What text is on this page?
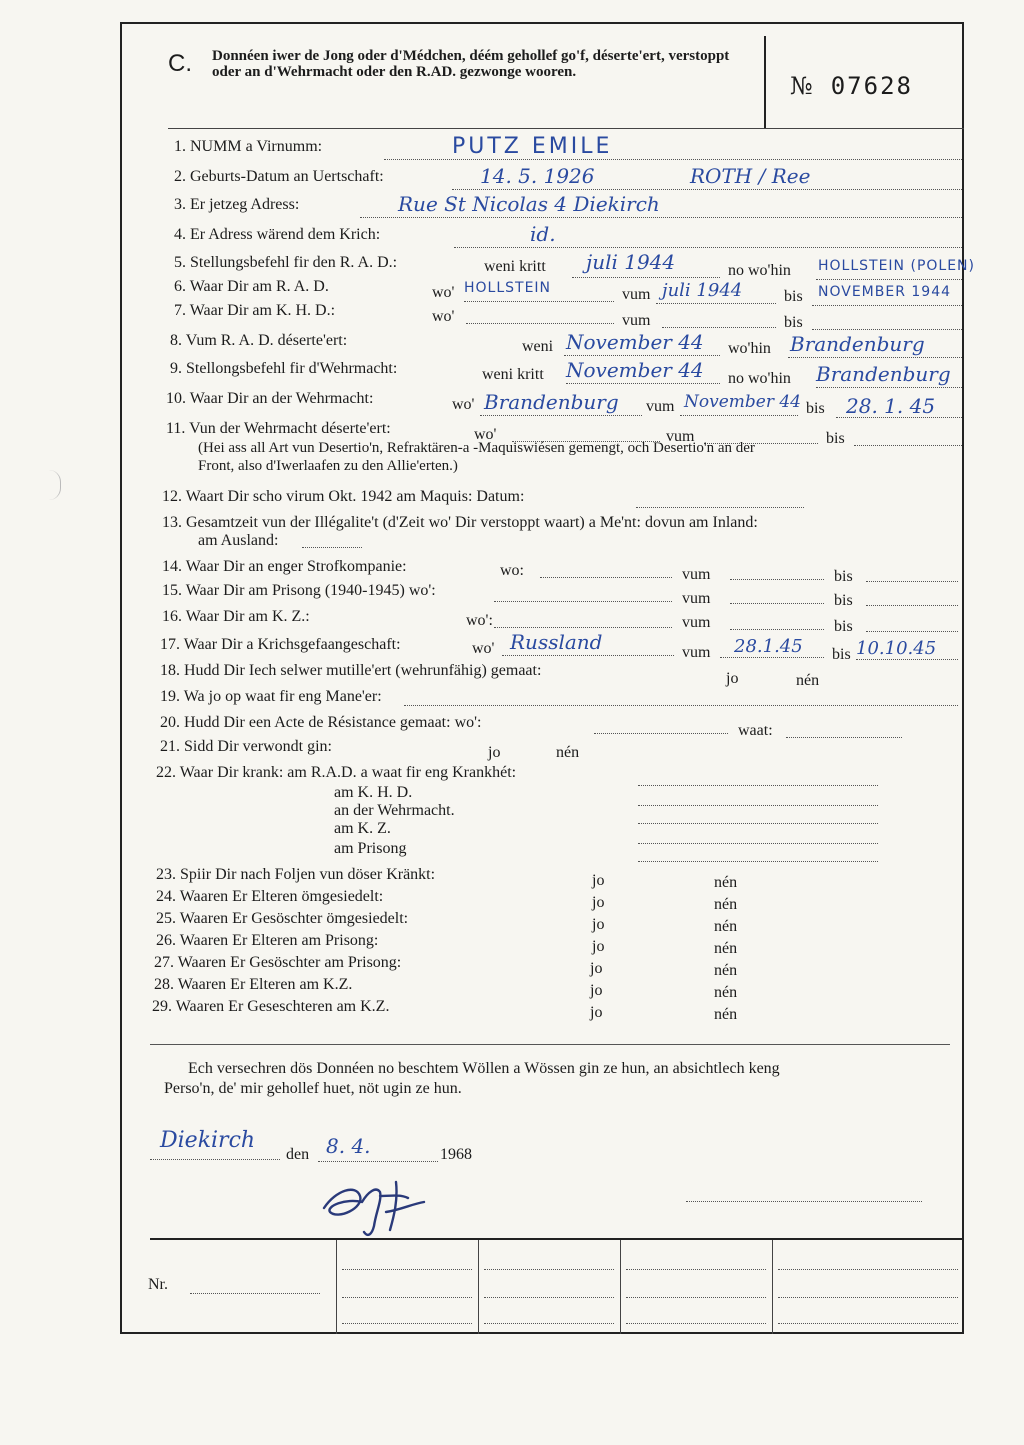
C. Donnéen iwer de Jong oder d'Médchen, déém gehollef go'f, déserte'ert, verstoppt oder an d'Wehrmacht oder den R.AD. gezwonge wooren.	№ 07628
1. NUMM a Virnumm:	PUTZ EMILE
2. Geburts-Datum an Uertschaft:	14. 5. 1926	ROTH / Ree
3. Er jetzeg Adress:	Rue St Nicolas 4 Diekirch
4. Er Adress wärend dem Krich:	id.
5. Stellungsbefehl fir den R. A. D.:	weni kritt juli 1944	no wo'hin HOLLSTEIN (POLEN)
6. Waar Dir am R. A. D.	wo' HOLLSTEIN	vum juli 1944	bis NOVEMBER 1944
7. Waar Dir am K. H. D.:	wo'	vum	bis
8. Vum R. A. D. déserte'ert:	weni November 44 wo'hin Brandenburg
9. Stellongsbefehl fir d'Wehrmacht:	weni kritt November 44 no wo'hin Brandenburg
10. Waar Dir an der Wehrmacht:	wo' Brandenburg vum November 44 bis 28. 1. 45
11. Vun der Wehrmacht déserte'ert:	wo'	vum	bis
(Hei ass all Art vun Desertio'n, Refraktären-a -Maquiswiésen gemengt, och Desertio'n an der
Front, also d'Iwerlaafen zu den Allie'erten.)
12. Waart Dir scho virum Okt. 1942 am Maquis: Datum:
13. Gesamtzeit vun der Illégalite't (d'Zeit wo' Dir verstoppt waart) a Me'nt: dovun am Inland:
am Ausland:
14. Waar Dir an enger Strofkompanie:	wo:	vum	bis
15. Waar Dir am Prisong (1940-1945) wo':	vum	bis
16. Waar Dir am K. Z.:	wo':	vum	bis
17. Waar Dir a Krichsgefaangeschaft:	wo' Russland	vum 28.1.45 bis 10.10.45
18. Hudd Dir Iech selwer mutille'ert (wehrunfähig) gemaat:	jo	nén
19. Wa jo op waat fir eng Mane'er:
20. Hudd Dir een Acte de Résistance gemaat: wo':	waat:
21. Sidd Dir verwondt gin:	jo	nén
22. Waar Dir krank: am R.A.D. a waat fir eng Krankhét:
am K. H. D.
an der Wehrmacht.
am K. Z.
am Prisong
23. Spiir Dir nach Foljen vun döser Kränkt:	jo	nén
24. Waaren Er Elteren ömgesiedelt:	jo	nén
25. Waaren Er Gesöschter ömgesiedelt:	jo	nén
26. Waaren Er Elteren am Prisong:	jo	nén
27. Waaren Er Gesöschter am Prisong:	jo	nén
28. Waaren Er Elteren am K.Z.	jo	nén
29. Waaren Er Geseschteren am K.Z.	jo	nén
Ech versechren dös Donnéen no beschtem Wöllen a Wössen gin ze hun, an absichtlech keng
Perso'n, de' mir gehollef huet, nöt ugin ze hun.
Diekirch
den 8. 4.	1968
Nr.
